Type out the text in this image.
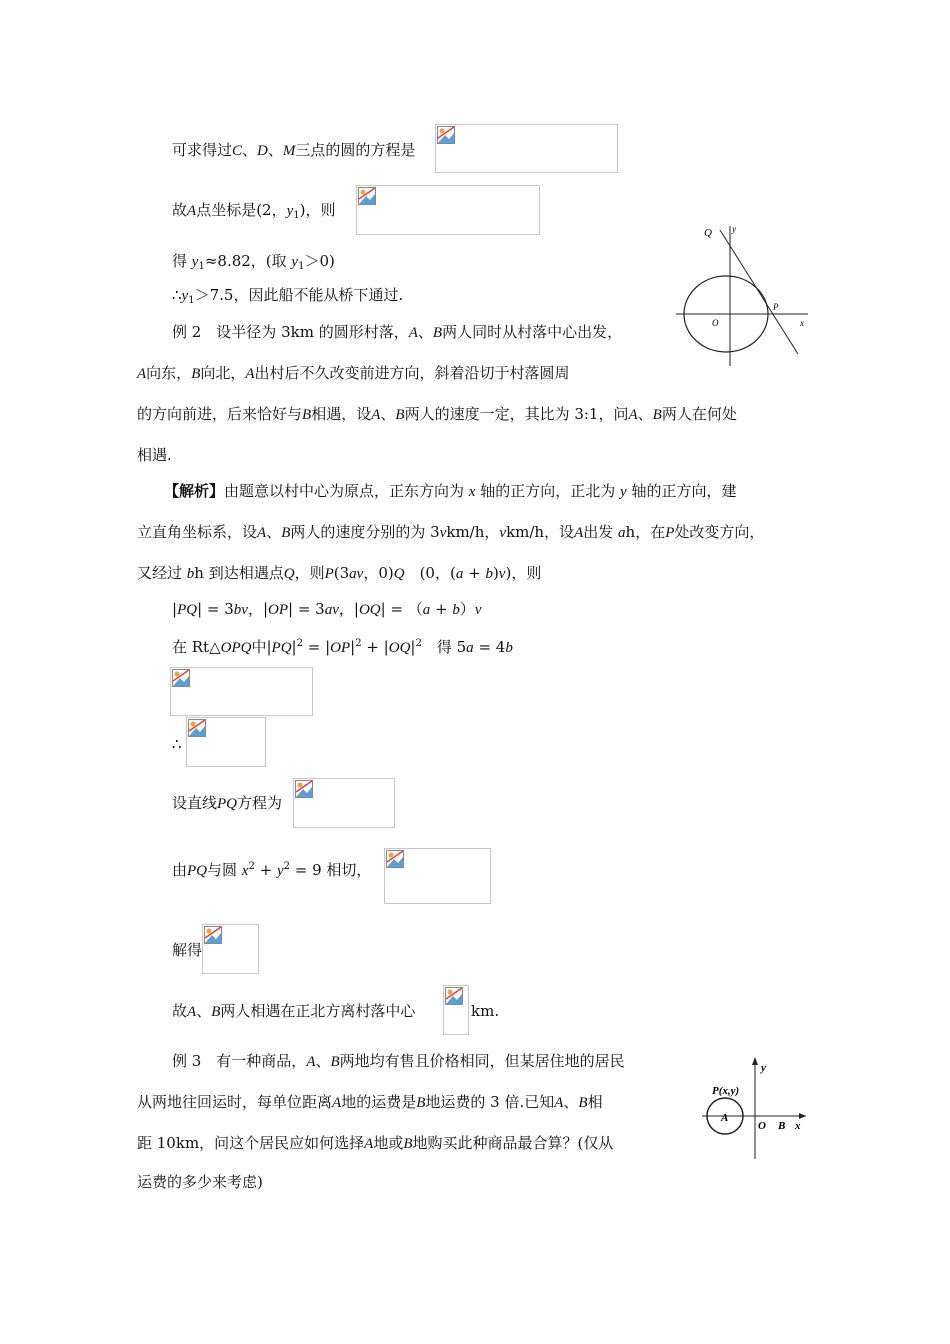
可求得过C、D、M三点的圆的方程是
故A点坐标是(2，$y_1$)，则
得 $y_1\approx 8.82$，(取 $y_1>0$)
$\therefore y_1>7.5$，因此船不能从桥下通过.
Q y
P
O	x
例 2　设半径为 3km 的圆形村落，A、B两人同时从村落中心出发，
A向东，B向北，A出村后不久改变前进方向，斜着沿切于村落圆周
的方向前进，后来恰好与B相遇，设A、B两人的速度一定，其比为 3:1，问A、B两人在何处
相遇.
【解析】由题意以村中心为原点，正东方向为 x 轴的正方向，正北为 y 轴的正方向，建
立直角坐标系，设A、B两人的速度分别的为 3vkm/h，vkm/h，设A出发 ah，在P处改变方向，
又经过 bh 到达相遇点Q，则P(3av，0)Q　(0，(a + b)v)，则
|PQ| = 3bv，|OP| = 3av，|OQ| = （a + b）v
在 Rt△OPQ中$|PQ|^2 = |OP|^2 + |OQ|^2$　得 5a = 4b
∴
设直线PQ方程为
由PQ与圆 $x^2 + y^2 = 9$ 相切，
解得
故A、B两人相遇在正北方离村落中心	km.
例 3　有一种商品，A、B两地均有售且价格相同，但某居住地的居民
从两地往回运时，每单位距离A地的运费是B地运费的 3 倍.已知A、B相
距 10km，问这个居民应如何选择A地或B地购买此种商品最合算？(仅从
运费的多少来考虑)
P(x,y)
y
A
O B x
